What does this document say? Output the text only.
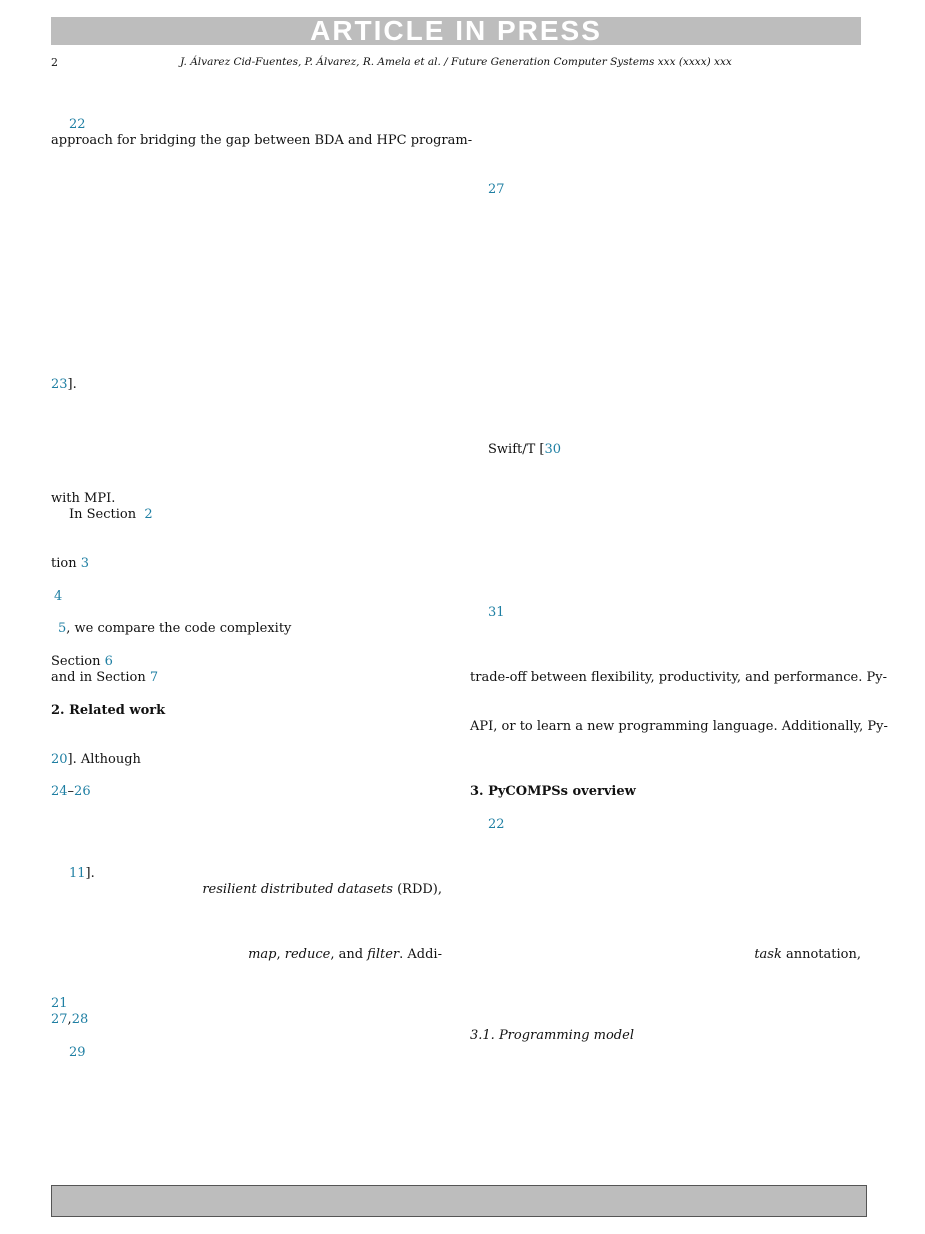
ARTICLE IN PRESS
2	J. Álvarez Cid-Fuentes, P. Álvarez, R. Amela et al. / Future Generation Computer Systems xxx (xxxx) xxx
22
approach for bridging the gap between BDA and HPC program-
23].
with MPI.
In Section 2
tion 3
4
5, we compare the code complexity
Section 6
and in Section 7
2. Related work
20]. Although
24–26
11].
resilient distributed datasets (RDD),
map, reduce, and filter. Addi-
21
27,28
29
27
Swift/T [30
31
trade-off between flexibility, productivity, and performance. Py-
API, or to learn a new programming language. Additionally, Py-
3. PyCOMPSs overview
22
task annotation,
3.1. Programming model
